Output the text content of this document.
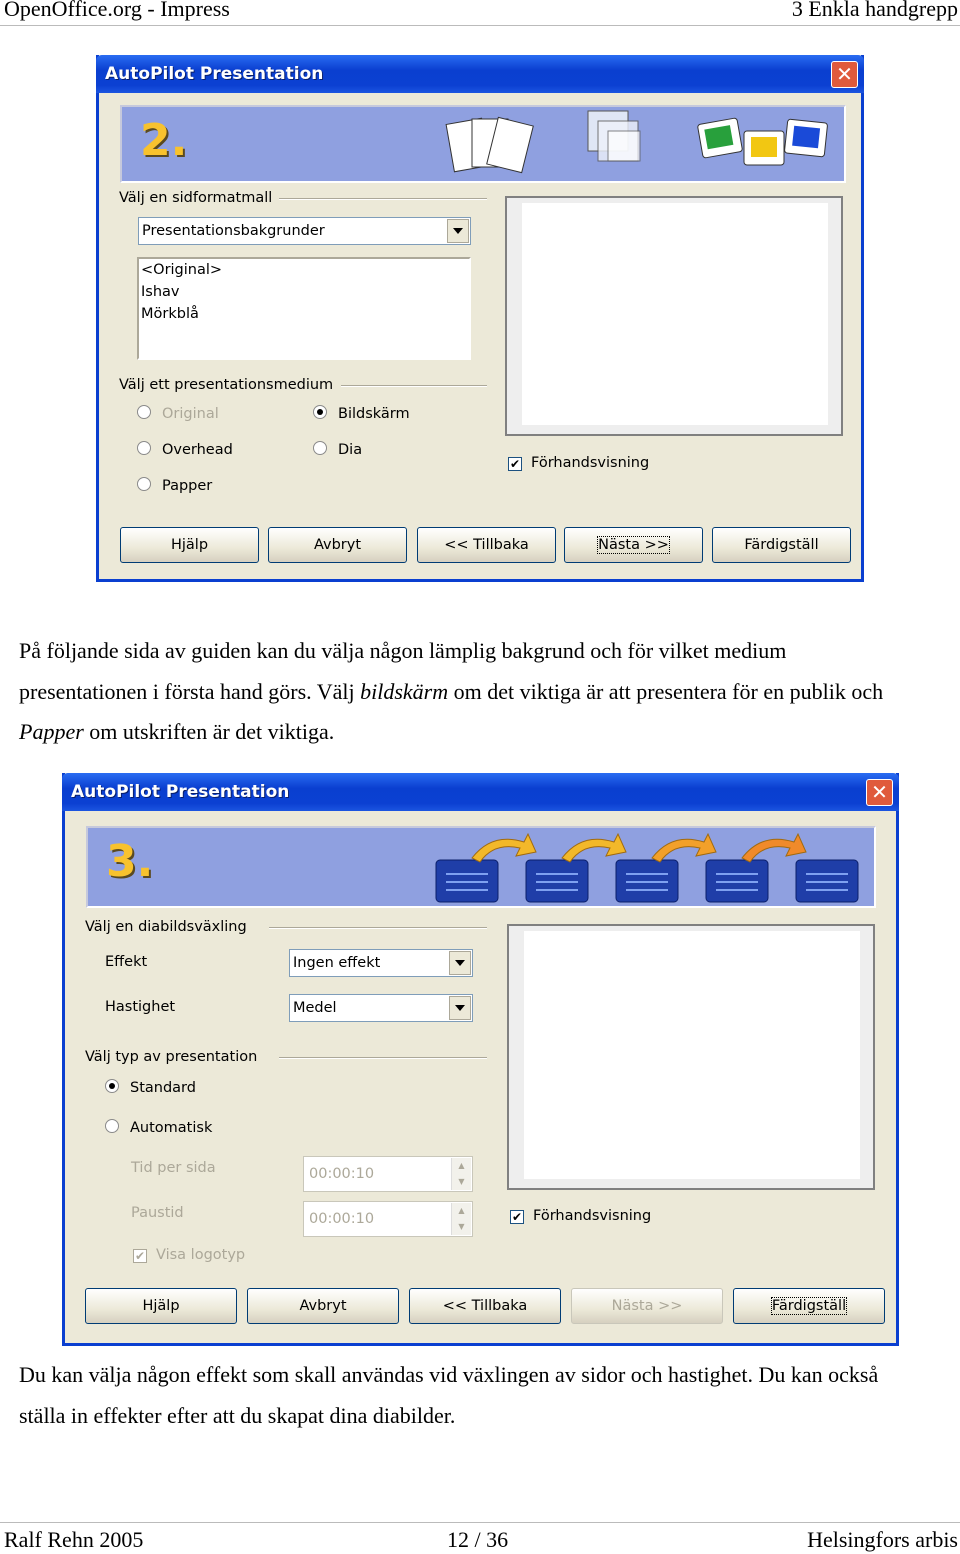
OpenOffice.org - Impress	3 Enkla handgrepp
AutoPilot Presentation	✕
2.
Välj en sidformatmall
Presentationsbakgrunder
<Original>
Ishav
Mörkblå
Välj ett presentationsmedium
Original	Bildskärm
Overhead	Dia
Papper
✔ Förhandsvisning
Hjälp	Avbryt	<< Tillbaka	Nästa >>	Färdigställ
På följande sida av guiden kan du välja någon lämplig bakgrund och för vilket medium
presentationen i första hand görs. Välj bildskärm om det viktiga är att presentera för en publik och
Papper om utskriften är det viktiga.
AutoPilot Presentation	✕
3.
Välj en diabildsväxling
Effekt	Ingen effekt
Hastighet	Medel
Välj typ av presentation
Standard
Automatisk
Tid per sida	00:00:10
▲
▼
Paustid	00:00:10
▲
▼
✔ Visa logotyp
✔ Förhandsvisning
Hjälp	Avbryt	<< Tillbaka	Nästa >>	Färdigställ
Du kan välja någon effekt som skall användas vid växlingen av sidor och hastighet. Du kan också
ställa in effekter efter att du skapat dina diabilder.
Ralf Rehn 2005	12 / 36	Helsingfors arbis
